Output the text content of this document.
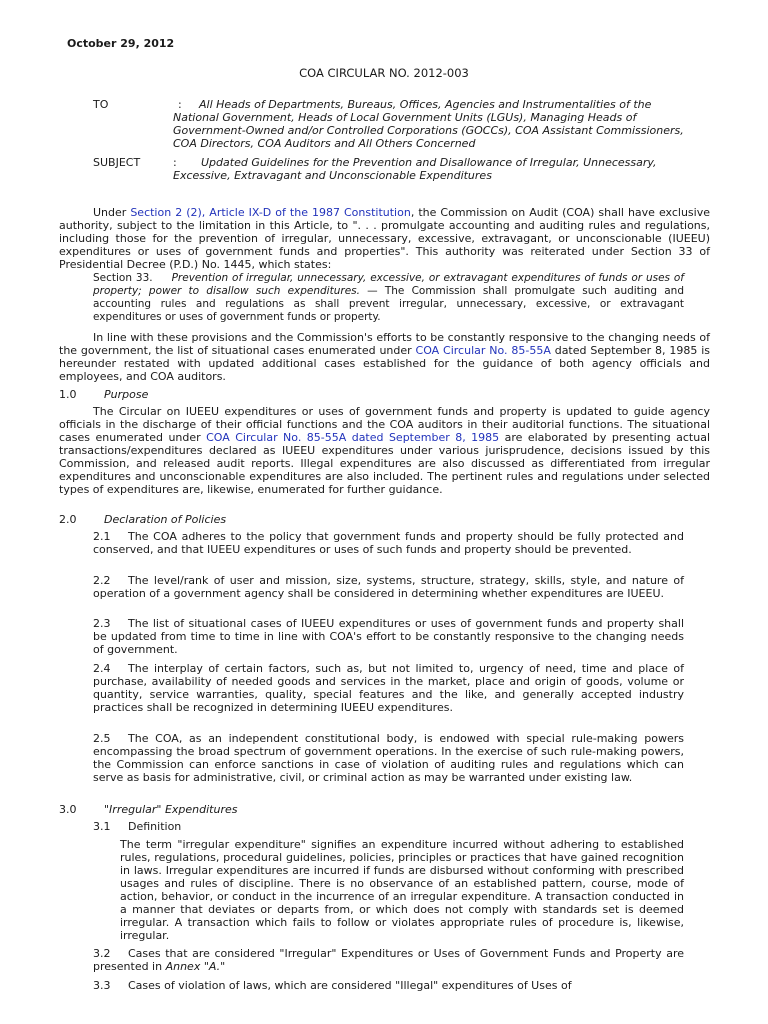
October 29, 2012
COA CIRCULAR NO. 2012-003
TO	:	All Heads of Departments, Bureaus, Offices, Agencies and Instrumentalities of the National Government, Heads of Local Government Units (LGUs), Managing Heads of Government-Owned and/or Controlled Corporations (GOCCs), COA Assistant Commissioners, COA Directors, COA Auditors and All Others Concerned
SUBJECT	:	Updated Guidelines for the Prevention and Disallowance of Irregular, Unnecessary, Excessive, Extravagant and Unconscionable Expenditures

Under Section 2 (2), Article IX-D of the 1987 Constitution, the Commission on Audit (COA) shall have exclusive authority, subject to the limitation in this Article, to ". . . promulgate accounting and auditing rules and regulations, including those for the prevention of irregular, unnecessary, excessive, extravagant, or unconscionable (IUEEU) expenditures or uses of government funds and properties". This authority was reiterated under Section 33 of Presidential Decree (P.D.) No. 1445, which states:

Section 33. Prevention of irregular, unnecessary, excessive, or extravagant expenditures of funds or uses of property; power to disallow such expenditures. — The Commission shall promulgate such auditing and accounting rules and regulations as shall prevent irregular, unnecessary, excessive, or extravagant expenditures or uses of government funds or property.

In line with these provisions and the Commission's efforts to be constantly responsive to the changing needs of the government, the list of situational cases enumerated under COA Circular No. 85-55A dated September 8, 1985 is hereunder restated with updated additional cases established for the guidance of both agency officials and employees, and COA auditors.

1.0	Purpose

The Circular on IUEEU expenditures or uses of government funds and property is updated to guide agency officials in the discharge of their official functions and the COA auditors in their auditorial functions. The situational cases enumerated under COA Circular No. 85-55A dated September 8, 1985 are elaborated by presenting actual transactions/expenditures declared as IUEEU expenditures under various jurisprudence, decisions issued by this Commission, and released audit reports. Illegal expenditures are also discussed as differentiated from irregular expenditures and unconscionable expenditures are also included. The pertinent rules and regulations under selected types of expenditures are, likewise, enumerated for further guidance.

2.0	Declaration of Policies

2.1 The COA adheres to the policy that government funds and property should be fully protected and conserved, and that IUEEU expenditures or uses of such funds and property should be prevented.

2.2 The level/rank of user and mission, size, systems, structure, strategy, skills, style, and nature of operation of a government agency shall be considered in determining whether expenditures are IUEEU.

2.3 The list of situational cases of IUEEU expenditures or uses of government funds and property shall be updated from time to time in line with COA's effort to be constantly responsive to the changing needs of government.

2.4 The interplay of certain factors, such as, but not limited to, urgency of need, time and place of purchase, availability of needed goods and services in the market, place and origin of goods, volume or quantity, service warranties, quality, special features and the like, and generally accepted industry practices shall be recognized in determining IUEEU expenditures.

2.5 The COA, as an independent constitutional body, is endowed with special rule-making powers encompassing the broad spectrum of government operations. In the exercise of such rule-making powers, the Commission can enforce sanctions in case of violation of auditing rules and regulations which can serve as basis for administrative, civil, or criminal action as may be warranted under existing law.

3.0	"Irregular" Expenditures
3.1 Definition

The term "irregular expenditure" signifies an expenditure incurred without adhering to established rules, regulations, procedural guidelines, policies, principles or practices that have gained recognition in laws. Irregular expenditures are incurred if funds are disbursed without conforming with prescribed usages and rules of discipline. There is no observance of an established pattern, course, mode of action, behavior, or conduct in the incurrence of an irregular expenditure. A transaction conducted in a manner that deviates or departs from, or which does not comply with standards set is deemed irregular. A transaction which fails to follow or violates appropriate rules of procedure is, likewise, irregular.

3.2 Cases that are considered "Irregular" Expenditures or Uses of Government Funds and Property are presented in Annex "A."

3.3 Cases of violation of laws, which are considered "Illegal" expenditures of Uses of
